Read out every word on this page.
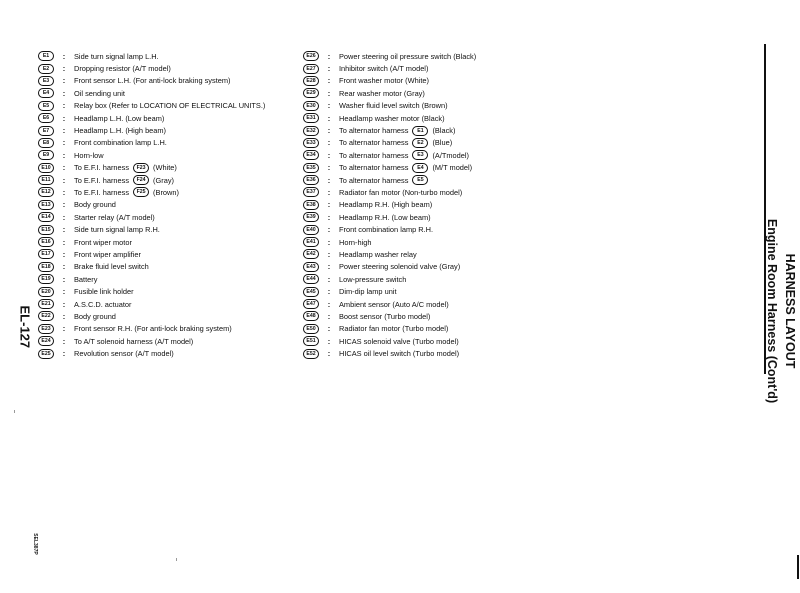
EL-127
SEL387P
E1	:	Side turn signal lamp L.H.
E2	:	Dropping resistor (A/T model)
E3	:	Front sensor L.H. (For anti-lock braking system)
E4	:	Oil sending unit
E5	:	Relay box (Refer to LOCATION OF ELECTRICAL UNITS.)
E6	:	Headlamp L.H. (Low beam)
E7	:	Headlamp L.H. (High beam)
E8	:	Front combination lamp L.H.
E9	:	Horn-low
E10	:	To E.F.I. harness	F23	(White)
E11	:	To E.F.I. harness	F24	(Gray)
E12	:	To E.F.I. harness	F25	(Brown)
E13	:	Body ground
E14	:	Starter relay (A/T model)
E15	:	Side turn signal lamp R.H.
E16	:	Front wiper motor
E17	:	Front wiper amplifier
E18	:	Brake fluid level switch
E19	:	Battery
E20	:	Fusible link holder
E21	:	A.S.C.D. actuator
E22	:	Body ground
E23	:	Front sensor R.H. (For anti-lock braking system)
E24	:	To A/T solenoid harness (A/T model)
E25	:	Revolution sensor (A/T model)
E26	:	Power steering oil pressure switch (Black)
E27	:	Inhibitor switch (A/T model)
E28	:	Front washer motor (White)
E29	:	Rear washer motor (Gray)
E30	:	Washer fluid level switch (Brown)
E31	:	Headlamp washer motor (Black)
E32	:	To alternator harness	E1	(Black)
E33	:	To alternator harness	E2	(Blue)
E34	:	To alternator harness	E3	(A/Tmodel)
E35	:	To alternator harness	E4	(M/T model)
E36	:	To alternator harness	E5
E37	:	Radiator fan motor (Non-turbo model)
E38	:	Headlamp R.H. (High beam)
E39	:	Headlamp R.H. (Low beam)
E40	:	Front combination lamp R.H.
E41	:	Horn-high
E42	:	Headlamp washer relay
E43	:	Power steering solenoid valve (Gray)
E44	:	Low-pressure switch
E45	:	Dim-dip lamp unit
E47	:	Ambient sensor (Auto A/C model)
E48	:	Boost sensor (Turbo model)
E50	:	Radiator fan motor (Turbo model)
E51	:	HICAS solenoid valve (Turbo model)
E52	:	HICAS oil level switch (Turbo model)	HARNESS LAYOUT
Engine Room Harness (Cont'd)
